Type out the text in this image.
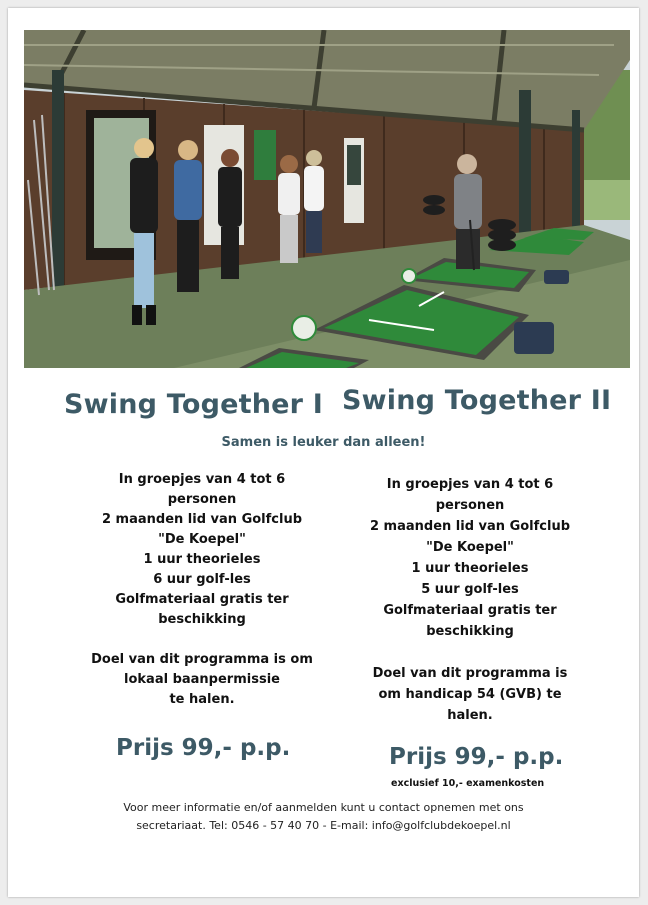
Swing Together I Swing Together II
Samen is leuker dan alleen!
In groepjes van 4 tot 6
personen
2 maanden lid van Golfclub
"De Koepel"
1 uur theorieles
6 uur golf-les
Golfmateriaal gratis ter
beschikking
Doel van dit programma is om
lokaal baanpermissie
te halen.
In groepjes van 4 tot 6
personen
2 maanden lid van Golfclub
"De Koepel"
1 uur theorieles
5 uur golf-les
Golfmateriaal gratis ter
beschikking
Doel van dit programma is
om handicap 54 (GVB) te
halen.
Prijs 99,- p.p.	Prijs 99,- p.p.
exclusief 10,- examenkosten
Voor meer informatie en/of aanmelden kunt u contact opnemen met ons
secretariaat. Tel: 0546 - 57 40 70 - E-mail: info@golfclubdekoepel.nl
